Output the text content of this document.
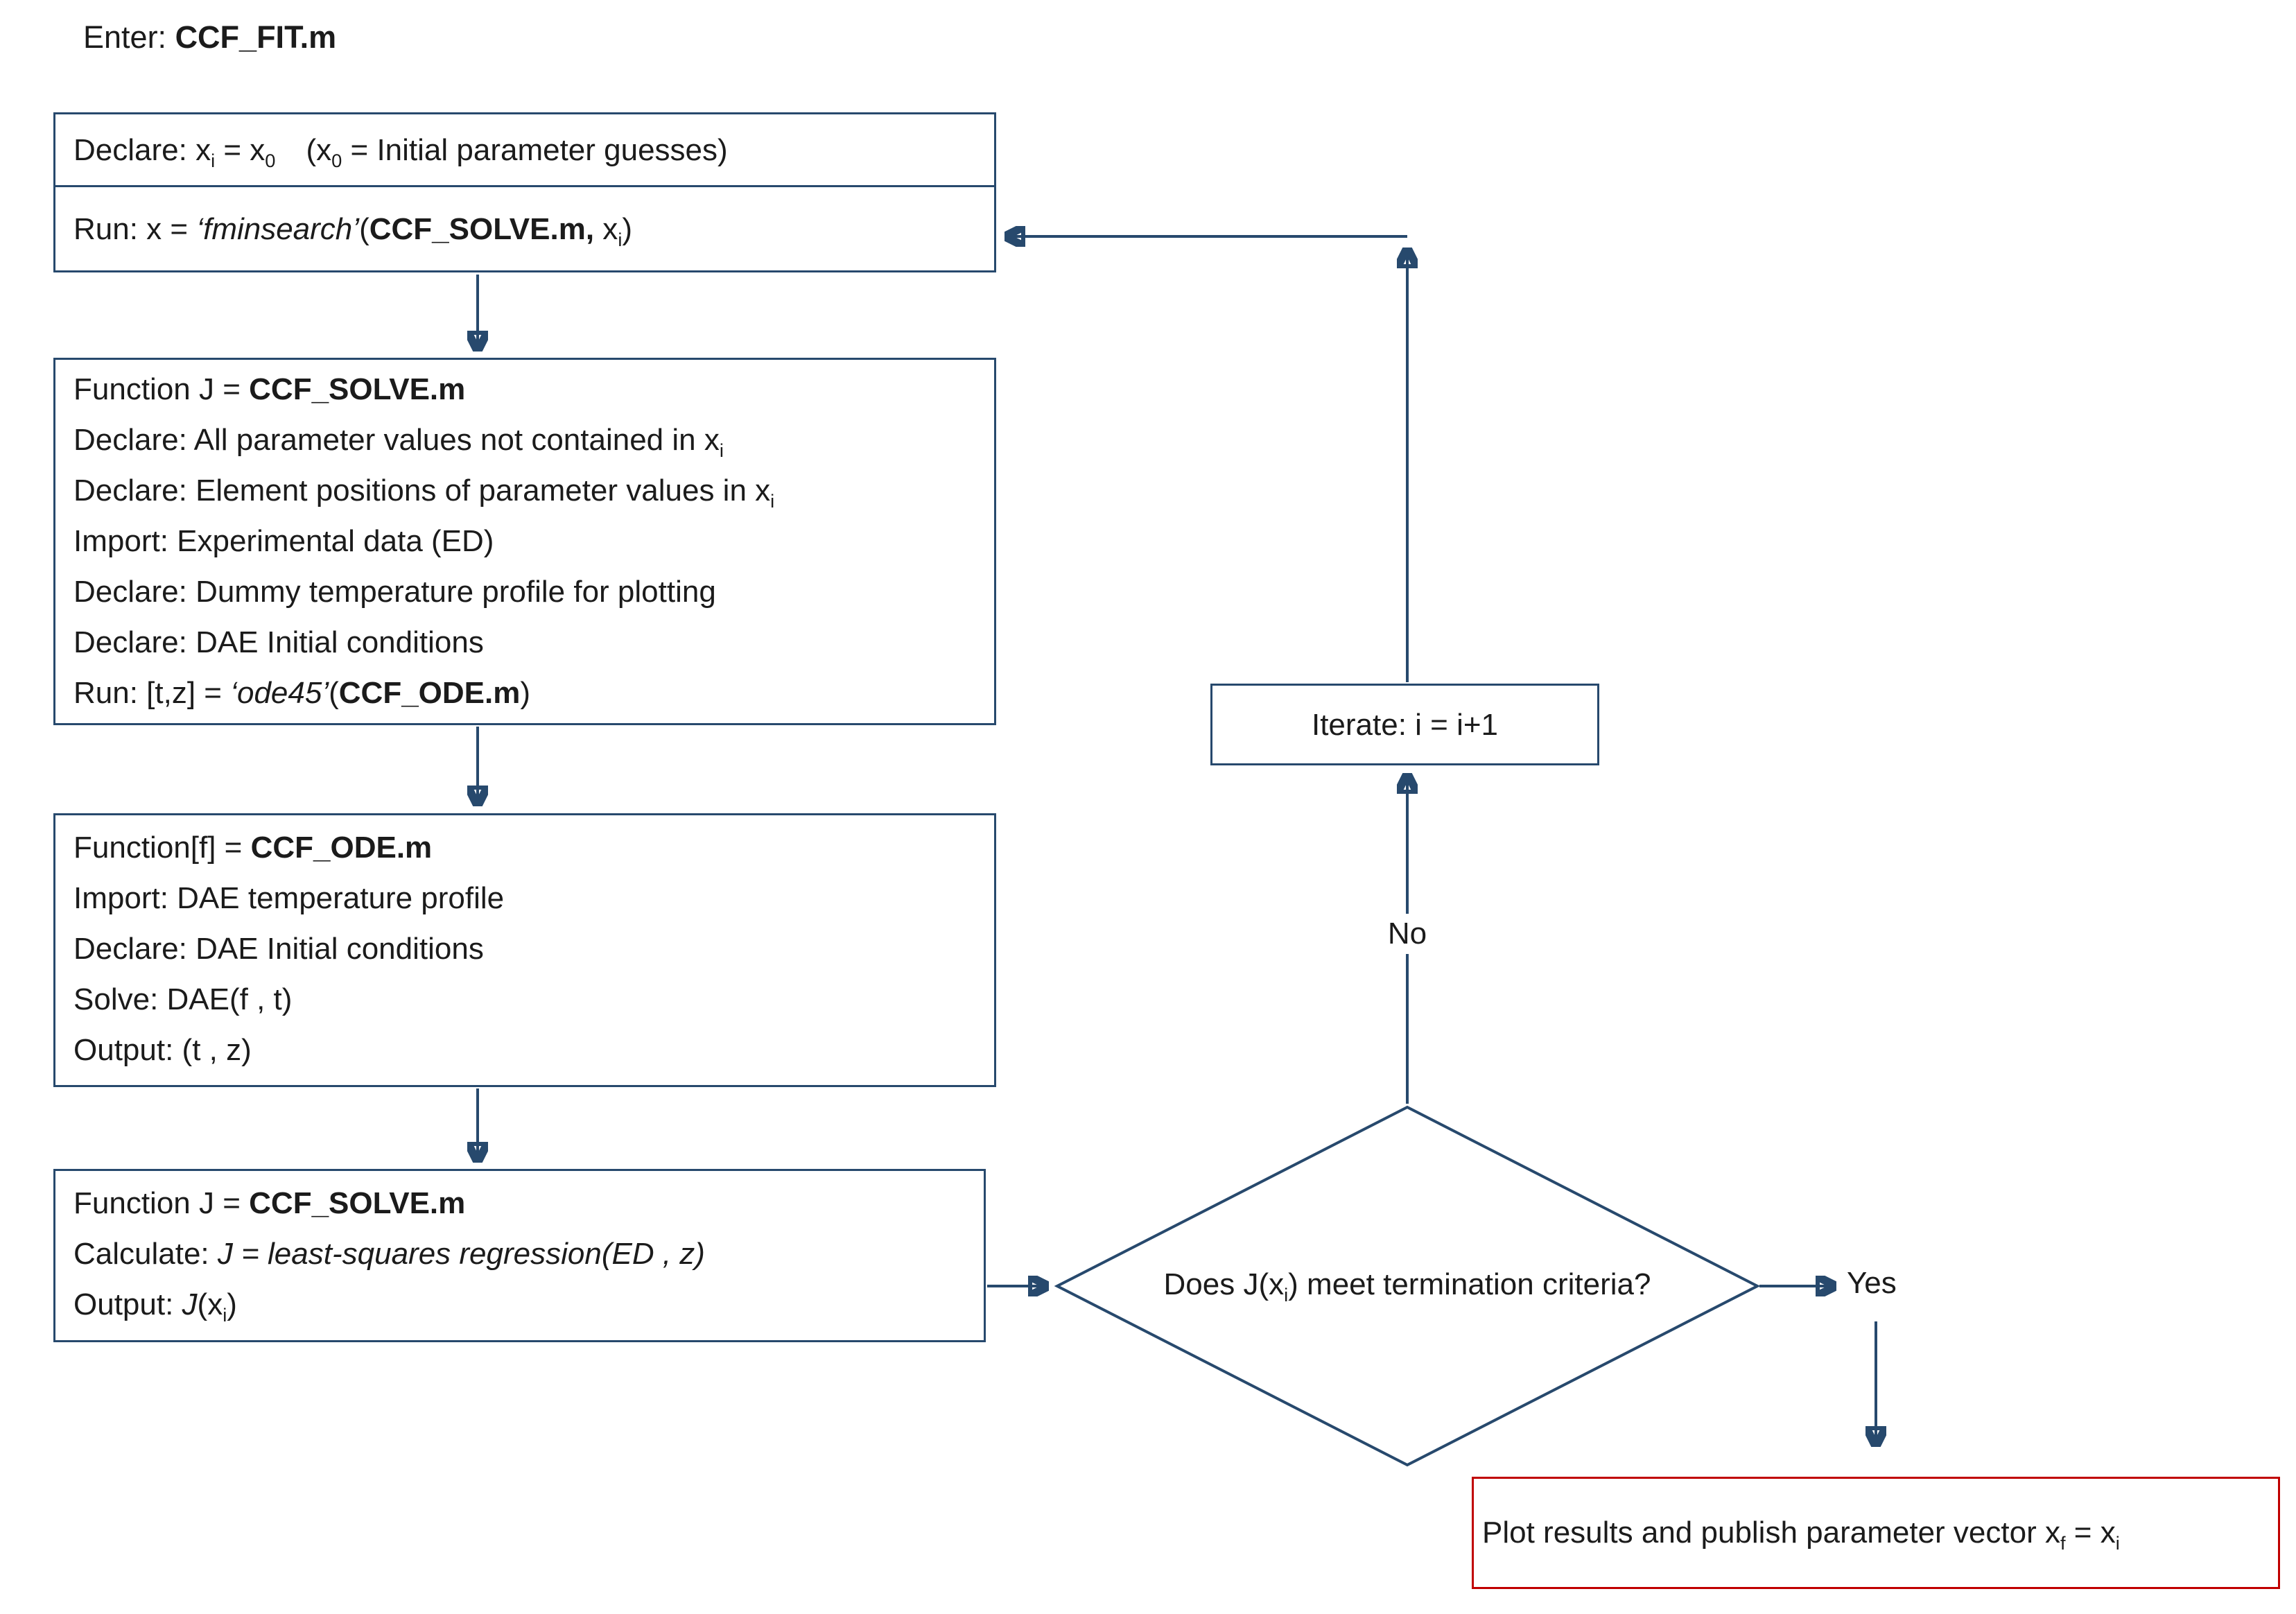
Enter: CCF_FIT.m
Declare: $x_i = x_0$ ($x_0$ = Initial parameter guesses)
Run: x = ‘fminsearch’(CCF_SOLVE.m, $x_i$)
Function J = CCF_SOLVE.m
Declare: All parameter values not contained in $x_i$
Declare: Element positions of parameter values in $x_i$
Import: Experimental data (ED)
Declare: Dummy temperature profile for plotting
Declare: DAE Initial conditions
Run: [t,z] = ‘ode45’(CCF_ODE.m)
Function[f] = CCF_ODE.m
Import: DAE temperature profile
Declare: DAE Initial conditions
Solve: DAE(f , t)
Output: (t , z)
Function J = CCF_SOLVE.m
Calculate: J = least-squares regression(ED , z)
Output: $J(x_i)$
Iterate: i = i+1
Does $J(x_i)$ meet termination criteria?
No
Yes
Plot results and publish parameter vector $x_f = x_i$
